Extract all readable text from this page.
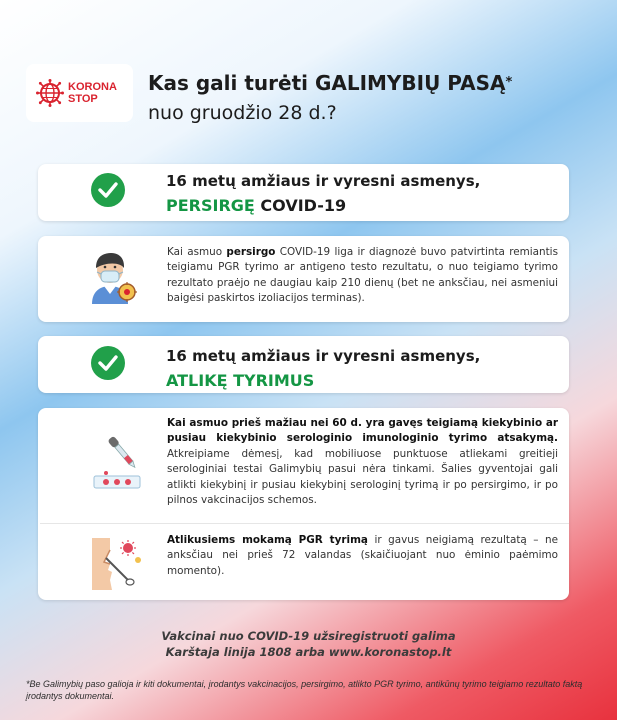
KORONA
STOP
Kas gali turėti GALIMYBIŲ PASĄ*
nuo gruodžio 28 d.?
16 metų amžiaus ir vyresni asmenys,
PERSIRGĘ COVID-19
Kai asmuo persirgo COVID-19 liga ir diagnozė buvo patvirtinta remiantis teigiamu PGR tyrimo ar antigeno testo rezultatu, o nuo teigiamo tyrimo rezultato praėjo ne daugiau kaip 210 dienų (bet ne anksčiau, nei asmeniui baigėsi paskirtos izoliacijos terminas).
16 metų amžiaus ir vyresni asmenys,
ATLIKĘ TYRIMUS
Kai asmuo prieš mažiau nei 60 d. yra gavęs teigiamą kiekybinio ar pusiau kiekybinio serologinio imunologinio tyrimo atsakymą. Atkreipiame dėmesį, kad mobiliuose punktuose atliekami greitieji serologiniai testai Galimybių pasui nėra tinkami. Šalies gyventojai gali atlikti kiekybinį ir pusiau kiekybinį serologinį tyrimą ir po persirgimo, ir po pilnos vakcinacijos schemos.
Atlikusiems mokamą PGR tyrimą ir gavus neigiamą rezultatą – ne anksčiau nei prieš 72 valandas (skaičiuojant nuo ėminio paėmimo momento).
Vakcinai nuo COVID-19 užsiregistruoti galima
Karštaja linija 1808 arba www.koronastop.lt
*Be Galimybių paso galioja ir kiti dokumentai, įrodantys vakcinacijos, persirgimo, atlikto PGR tyrimo, antikūnų tyrimo teigiamo rezultato faktą įrodantys dokumentai.
